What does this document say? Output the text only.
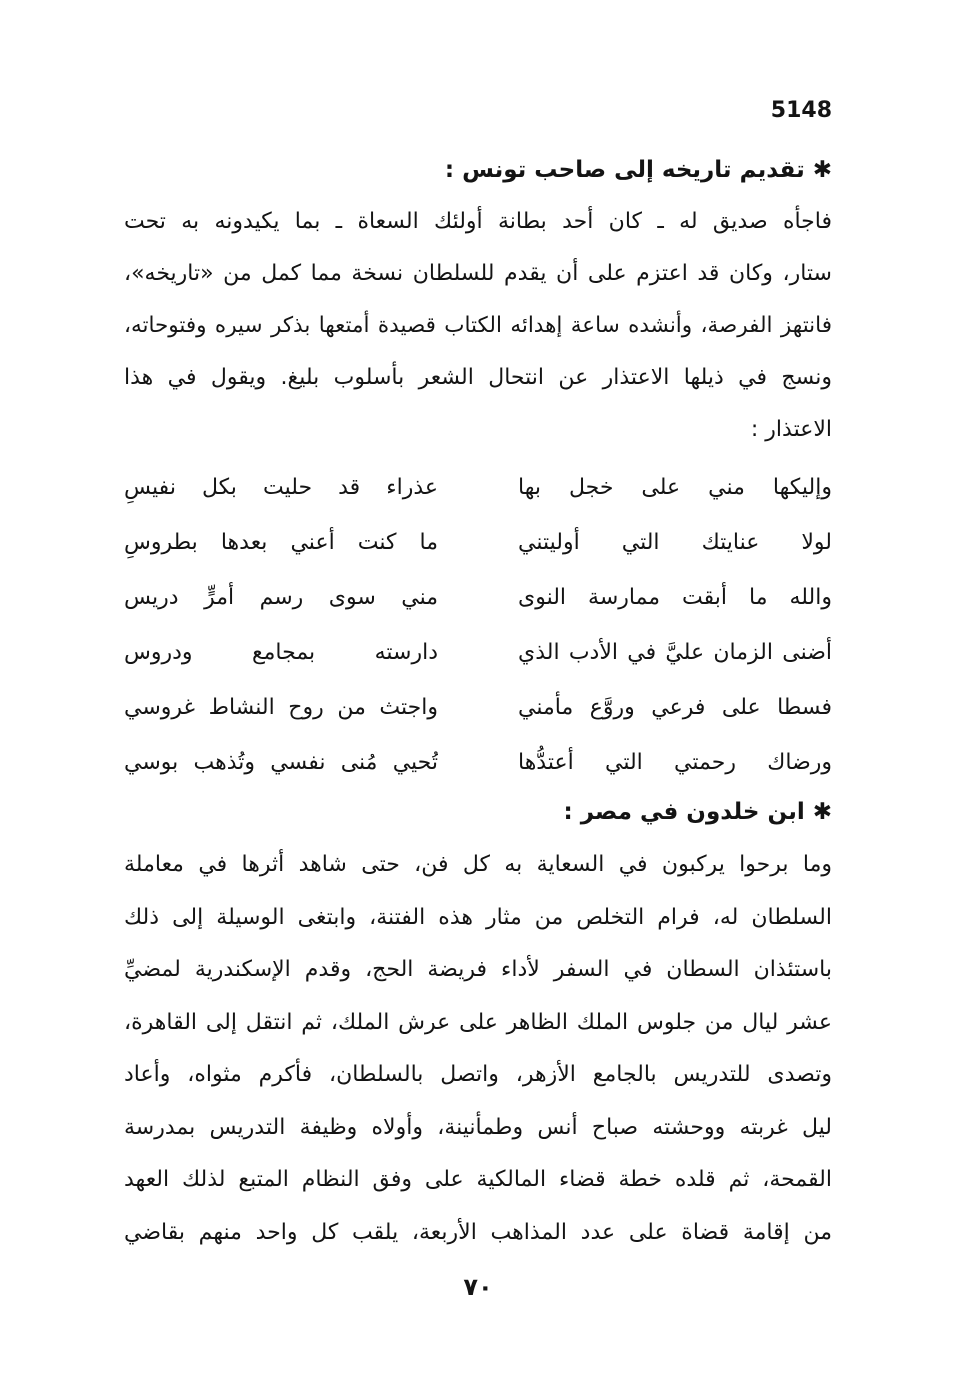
5148
✱ تقديم تاريخه إلى صاحب تونس :
فاجأه صديق له ـ كان أحد بطانة أولئك السعاة ـ بما يكيدونه به تحت
ستار، وكان قد اعتزم على أن يقدم للسلطان نسخة مما كمل من «تاريخه»،
فانتهز الفرصة، وأنشده ساعة إهدائه الكتاب قصيدة أمتعها بذكر سيره وفتوحاته،
ونسج في ذيلها الاعتذار عن انتحال الشعر بأسلوب بليغ. ويقول في هذا
الاعتذار :
وإليكها مني على خجل بها
عذراء قد حليت بكل نفيسِ
لولا عنايتك التي أوليتني
ما كنت أعني بعدها بطروسِ
والله ما أبقت ممارسة النوى
مني سوى رسم أمرٍّ دريس
أضنى الزمان عليَّ في الأدب الذي
دارسته بمجامع ودروس
فسطا على فرعي وروَّع مأمني
واجتث من روح النشاط غروسي
ورضاك رحمتي التي أعتدُّها
تُحيي مُنى نفسي وتُذهب بوسي
✱ ابن خلدون في مصر :
وما برحوا يركبون في السعاية به كل فن، حتى شاهد أثرها في معاملة
السلطان له، فرام التخلص من مثار هذه الفتنة، وابتغى الوسيلة إلى ذلك
باستئذان السطان في السفر لأداء فريضة الحج، وقدم الإسكندرية لمضيِّ
عشر ليال من جلوس الملك الظاهر على عرش الملك، ثم انتقل إلى القاهرة،
وتصدى للتدريس بالجامع الأزهر، واتصل بالسلطان، فأكرم مثواه، وأعاد
ليل غربته ووحشته صباح أنس وطمأنينة، وأولاه وظيفة التدريس بمدرسة
القمحة، ثم قلده خطة قضاء المالكية على وفق النظام المتبع لذلك العهد
من إقامة قضاة على عدد المذاهب الأربعة، يلقب كل واحد منهم بقاضي
٧٠
